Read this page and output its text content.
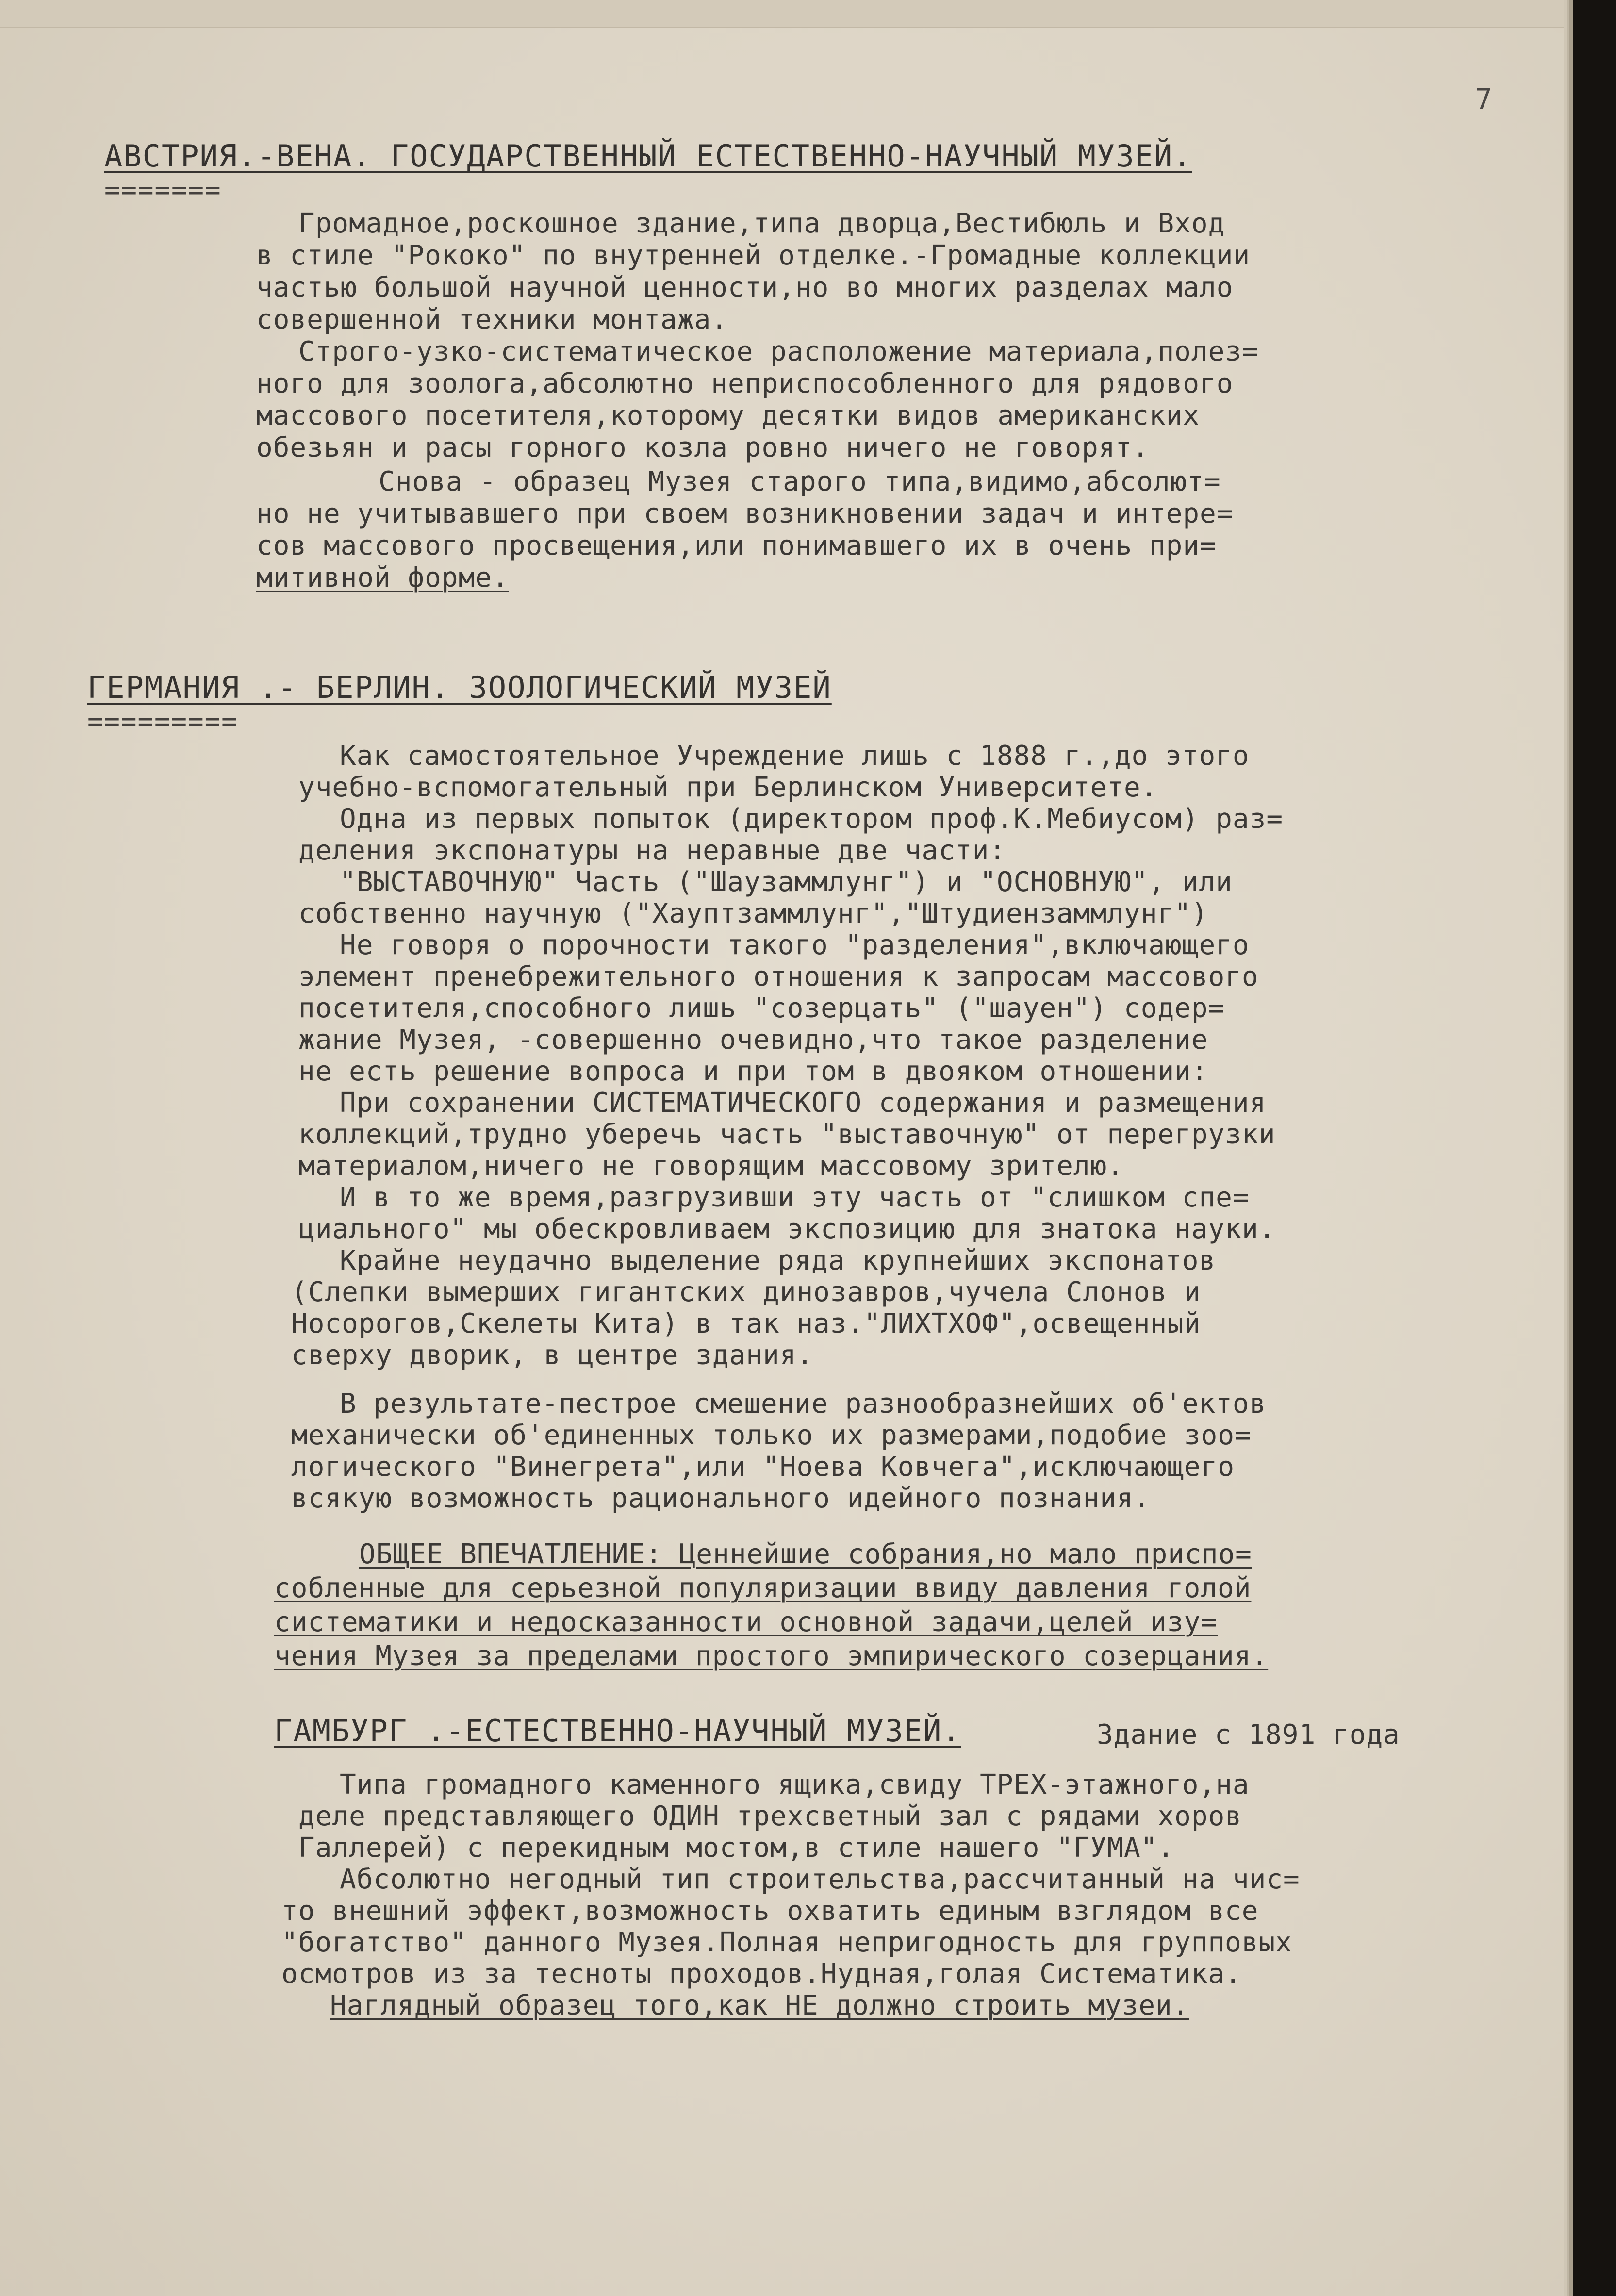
7
АВСТРИЯ.-ВЕНА. ГОСУДАРСТВЕННЫЙ ЕСТЕСТВЕННО-НАУЧНЫЙ МУЗЕЙ.
=======
Громадное,роскошное здание,типа дворца,Вестибюль и Вход
в стиле "Рококо" по внутренней отделке.-Громадные коллекции
частью большой научной ценности,но во многих разделах мало
совершенной техники монтажа.
Строго-узко-систематическое расположение материала,полез=
ного для зоолога,абсолютно неприспособленного для рядового
массового посетителя,которому десятки видов американских
обезьян и расы горного козла ровно ничего не говорят.
Снова - образец Музея старого типа,видимо,абсолют=
но не учитывавшего при своем возникновении задач и интере=
сов массового просвещения,или понимавшего их в очень при=
митивной форме.
ГЕРМАНИЯ .- БЕРЛИН. ЗООЛОГИЧЕСКИЙ МУЗЕЙ
=========
Как самостоятельное Учреждение лишь с 1888 г.,до этого
учебно-вспомогательный при Берлинском Университете.
Одна из первых попыток (директором проф.К.Мебиусом) раз=
деления экспонатуры на неравные две части:
"ВЫСТАВОЧНУЮ" Часть ("Шаузаммлунг") и "ОСНОВНУЮ", или
собственно научную ("Хауптзаммлунг","Штудиензаммлунг")
Не говоря о порочности такого "разделения",включающего
элемент пренебрежительного отношения к запросам массового
посетителя,способного лишь "созерцать" ("шауен") содер=
жание Музея, -совершенно очевидно,что такое разделение
не есть решение вопроса и при том в двояком отношении:
При сохранении СИСТЕМАТИЧЕСКОГО содержания и размещения
коллекций,трудно уберечь часть "выставочную" от перегрузки
материалом,ничего не говорящим массовому зрителю.
И в то же время,разгрузивши эту часть от "слишком спе=
циального" мы обескровливаем экспозицию для знатока науки.
Крайне неудачно выделение ряда крупнейших экспонатов
(Слепки вымерших гигантских динозавров,чучела Слонов и
Носорогов,Скелеты Кита) в так наз."ЛИХТХОФ",освещенный
сверху дворик, в центре здания.
В результате-пестрое смешение разнообразнейших об'ектов
механически об'единенных только их размерами,подобие зоо=
логического "Винегрета",или "Ноева Ковчега",исключающего
всякую возможность рационального идейного познания.
ОБЩЕЕ ВПЕЧАТЛЕНИЕ: Ценнейшие собрания,но мало приспо=
собленные для серьезной популяризации ввиду давления голой
систематики и недосказанности основной задачи,целей изу=
чения Музея за пределами простого эмпирического созерцания.
ГАМБУРГ .-ЕСТЕСТВЕННО-НАУЧНЫЙ МУЗЕЙ.	Здание с 1891 года
Типа громадного каменного ящика,свиду ТРЕХ-этажного,на
деле представляющего ОДИН трехсветный зал с рядами хоров
Галлерей) с перекидным мостом,в стиле нашего "ГУМА".
Абсолютно негодный тип строительства,рассчитанный на чис=
то внешний эффект,возможность охватить единым взглядом все
"богатство" данного Музея.Полная непригодность для групповых
осмотров из за тесноты проходов.Нудная,голая Систематика.
Наглядный образец того,как НЕ должно строить музеи.
